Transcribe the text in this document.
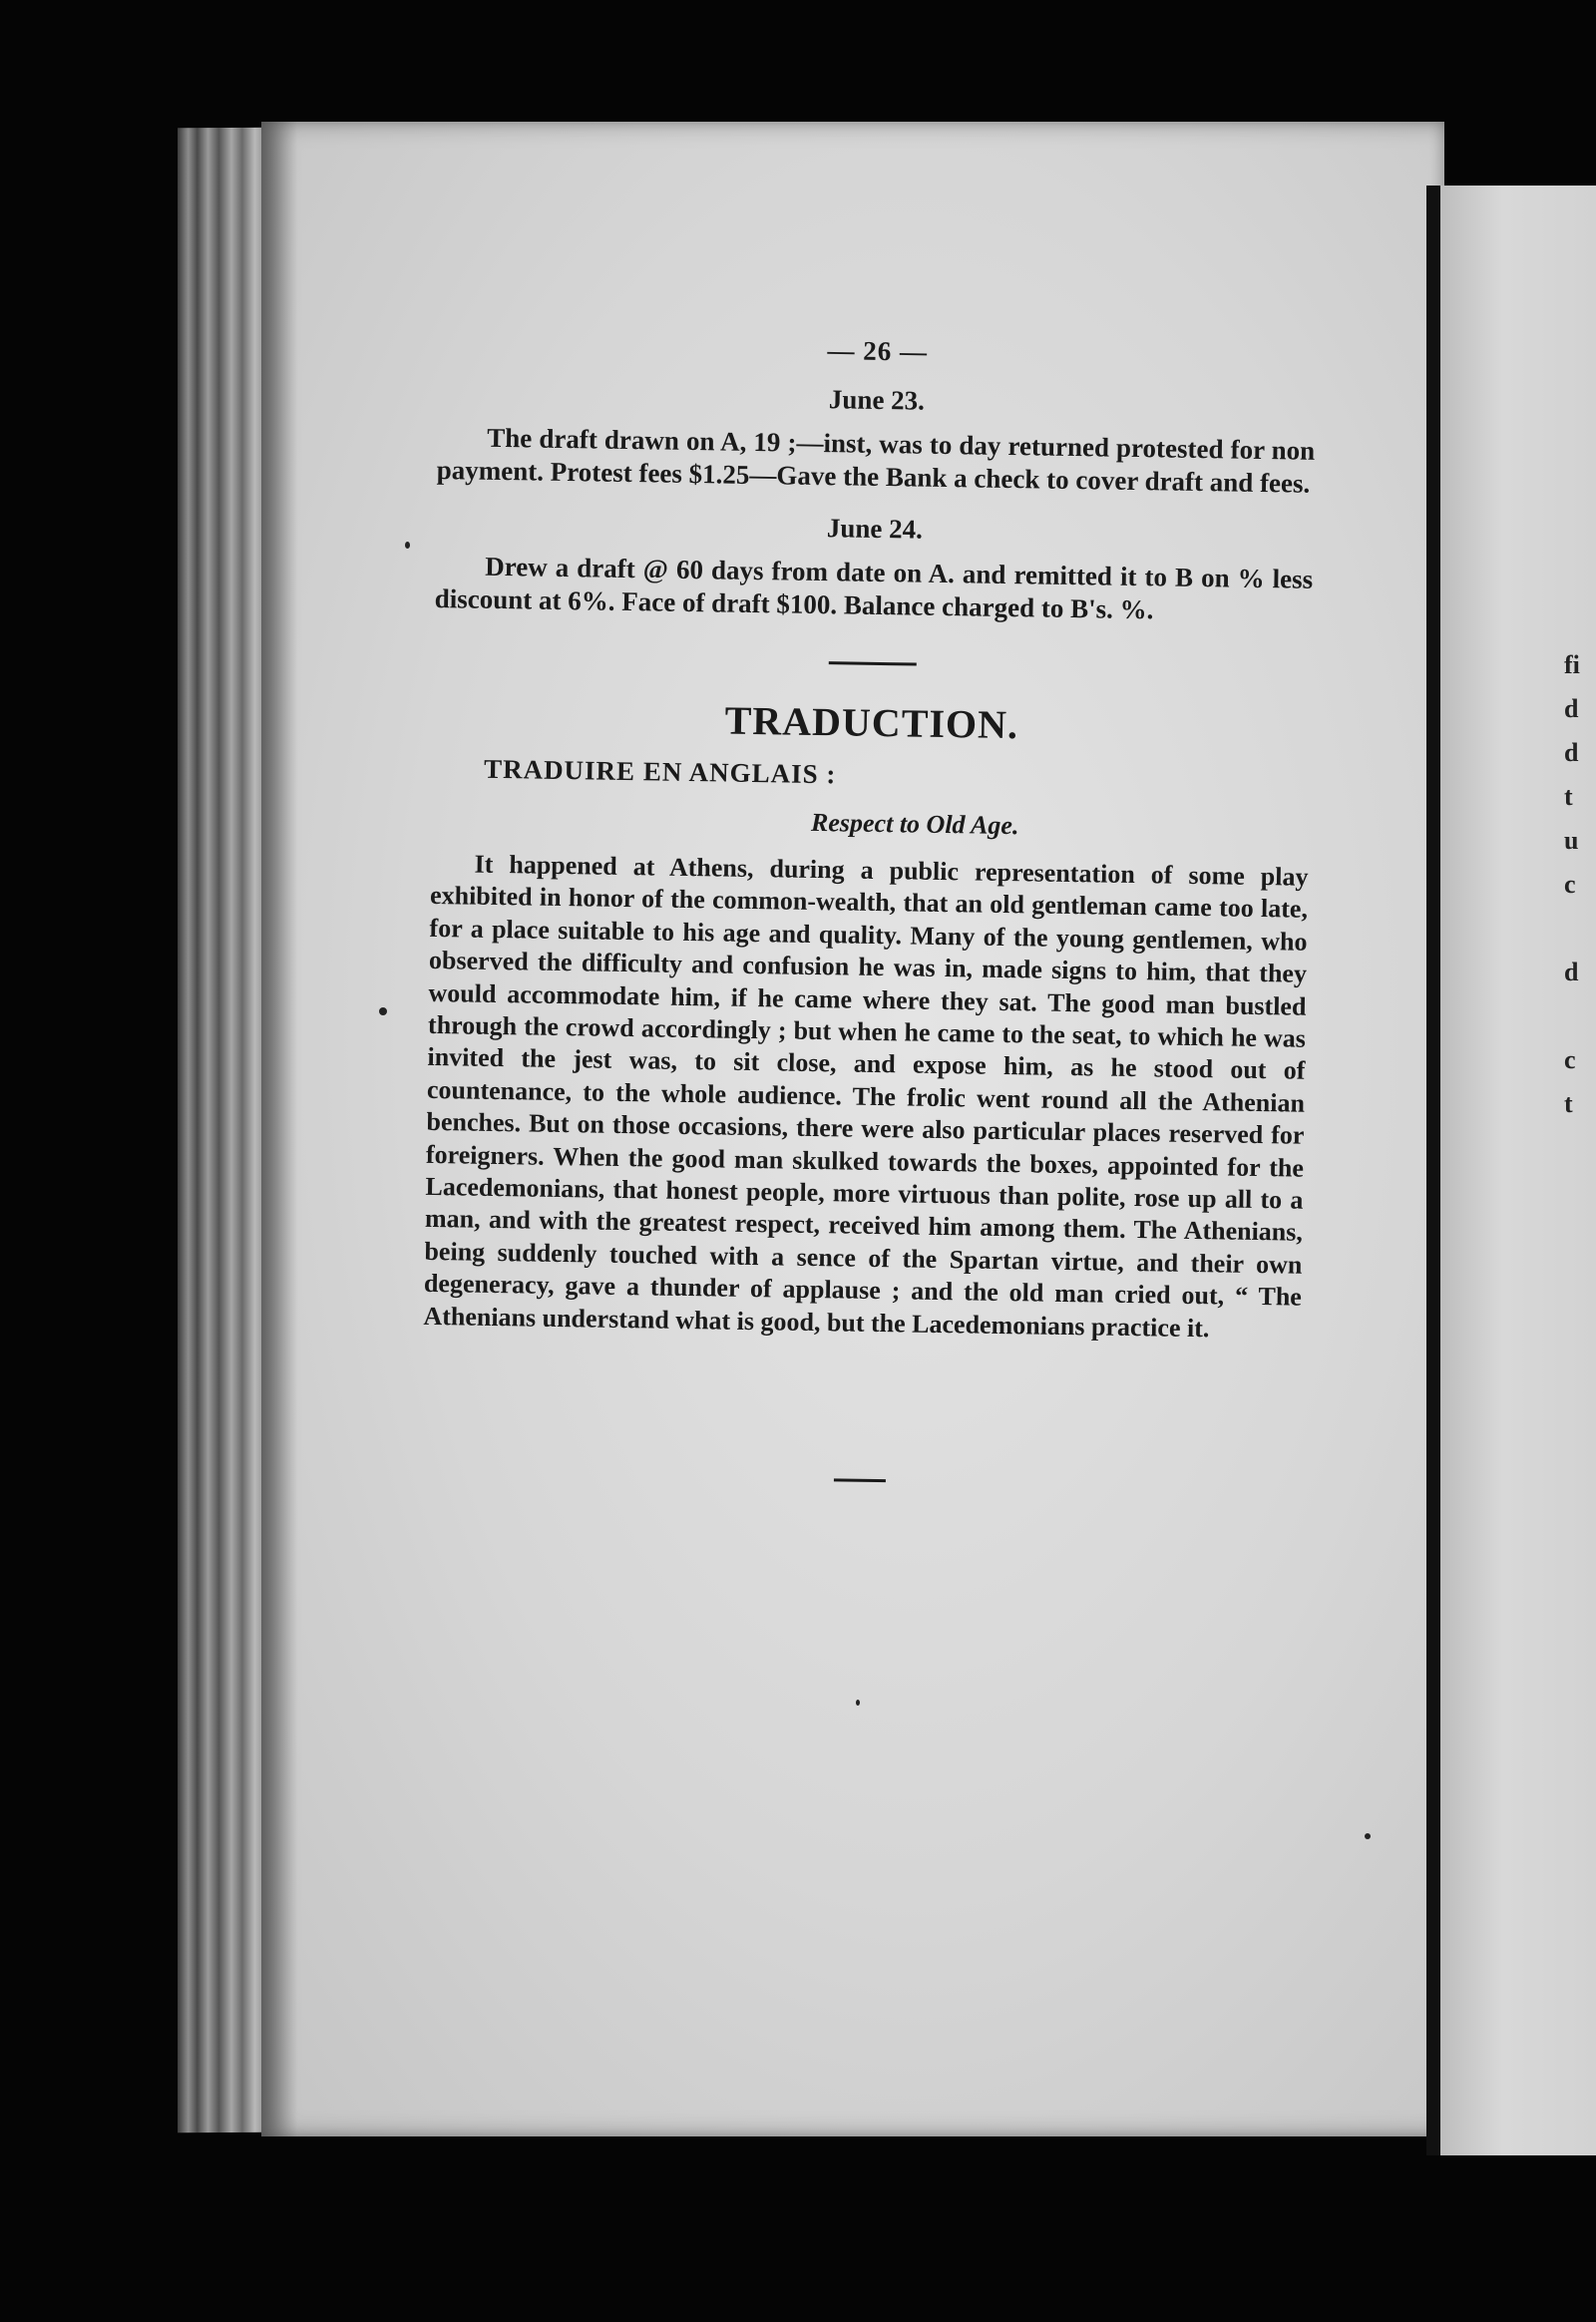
fi
d
d
t
u
c

d

c
t
— 26 —
June 23.

The draft drawn on A, 19 ;—inst, was to day returned protested for non payment. Protest fees $1.25—Gave the Bank a check to cover draft and fees.

June 24.

Drew a draft @ 60 days from date on A. and remitted it to B on % less discount at 6%. Face of draft $100. Balance charged to B's. %.

TRADUCTION.
TRADUIRE EN ANGLAIS :
Respect to Old Age.

It happened at Athens, during a public representation of some play exhibited in honor of the common-wealth, that an old gentleman came too late, for a place suitable to his age and quality. Many of the young gentlemen, who observed the difficulty and confusion he was in, made signs to him, that they would accommodate him, if he came where they sat. The good man bustled through the crowd accordingly ; but when he came to the seat, to which he was invited the jest was, to sit close, and expose him, as he stood out of countenance, to the whole audience. The frolic went round all the Athenian benches. But on those occasions, there were also particular places reserved for foreigners. When the good man skulked towards the boxes, appointed for the Lacedemonians, that honest people, more virtuous than polite, rose up all to a man, and with the greatest respect, received him among them. The Athenians, being suddenly touched with a sence of the Spartan virtue, and their own degeneracy, gave a thunder of applause ; and the old man cried out, “ The Athenians understand what is good, but the Lacedemonians practice it.
